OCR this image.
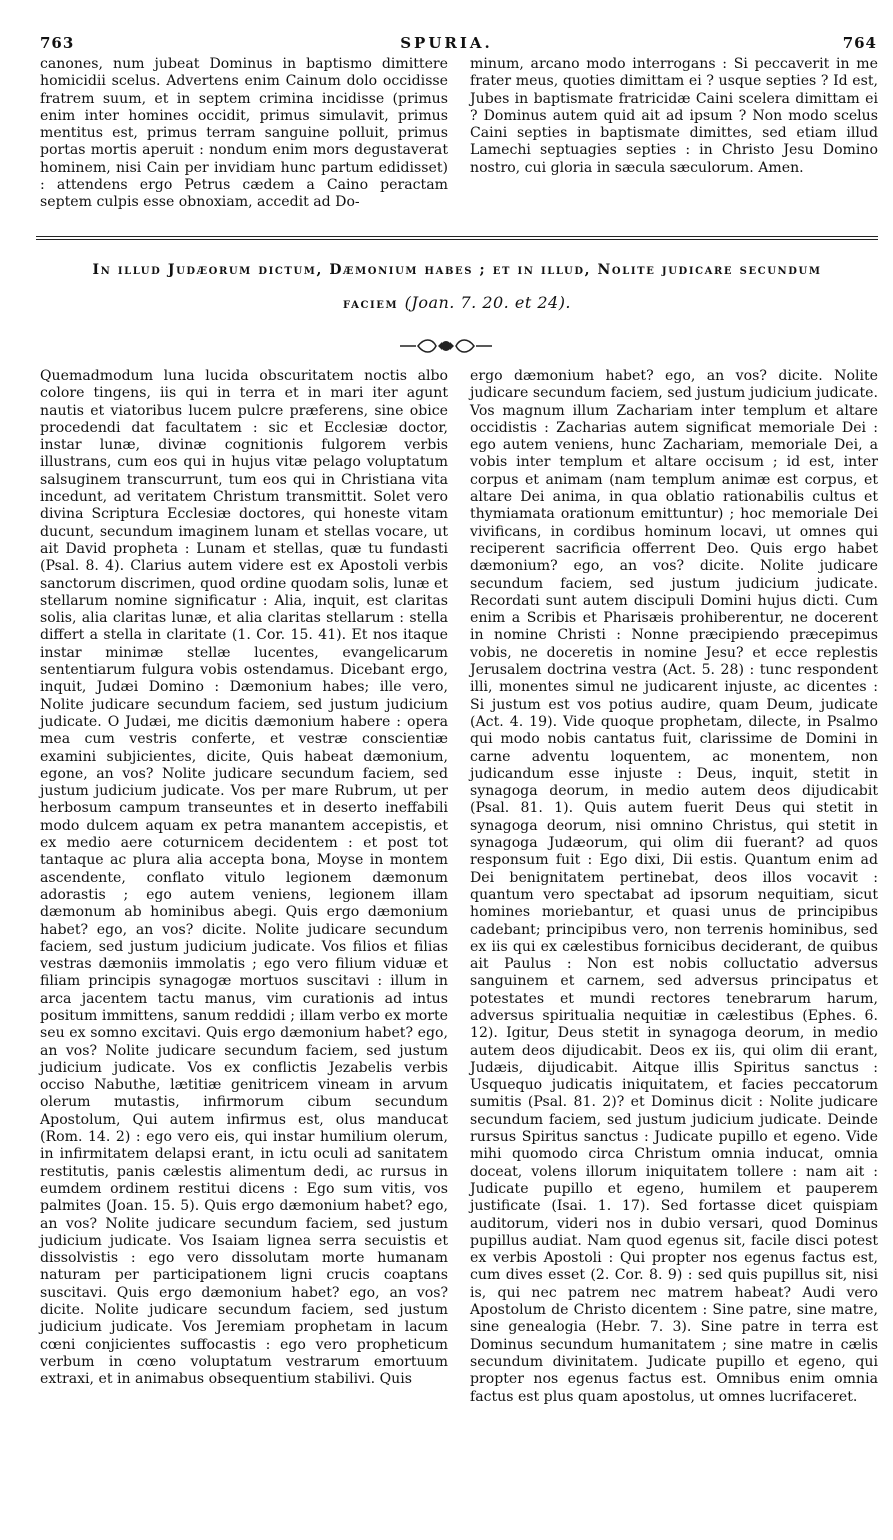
763	SPURIA.	764

canones, num jubeat Dominus in baptismo dimittere homicidii scelus. Advertens enim Cainum dolo occidisse fratrem suum, et in septem crimina incidisse (primus enim inter homines occidit, primus simulavit, primus mentitus est, primus terram sanguine polluit, primus portas mortis aperuit : nondum enim mors degustaverat hominem, nisi Cain per invidiam hunc partum edidisset) : attendens ergo Petrus cædem a Caino peractam septem culpis esse obnoxiam, accedit ad Do-

minum, arcano modo interrogans : Si peccaverit in me frater meus, quoties dimittam ei ? usque septies ? Id est, Jubes in baptismate fratricidæ Caini scelera dimittam ei ? Dominus autem quid ait ad ipsum ? Non modo scelus Caini septies in baptismate dimittes, sed etiam illud Lamechi septuagies septies : in Christo Jesu Domino nostro, cui gloria in sæcula sæculorum. Amen.

In illud Judæorum dictum, Dæmonium habes ; et in illud, Nolite judicare secundum
faciem (Joan. 7. 20. et 24).

Quemadmodum luna lucida obscuritatem noctis albo colore tingens, iis qui in terra et in mari iter agunt nautis et viatoribus lucem pulcre præferens, sine obice procedendi dat facultatem : sic et Ecclesiæ doctor, instar lunæ, divinæ cognitionis fulgorem verbis illustrans, cum eos qui in hujus vitæ pelago voluptatum salsuginem transcurrunt, tum eos qui in Christiana vita incedunt, ad veritatem Christum transmittit. Solet vero divina Scriptura Ecclesiæ doctores, qui honeste vitam ducunt, secundum imaginem lunam et stellas vocare, ut ait David propheta : Lunam et stellas, quæ tu fundasti (Psal. 8. 4). Clarius autem videre est ex Apostoli verbis sanctorum discrimen, quod ordine quodam solis, lunæ et stellarum nomine significatur : Alia, inquit, est claritas solis, alia claritas lunæ, et alia claritas stellarum : stella differt a stella in claritate (1. Cor. 15. 41). Et nos itaque instar minimæ stellæ lucentes, evangelicarum sententiarum fulgura vobis ostendamus. Dicebant ergo, inquit, Judæi Domino : Dæmonium habes; ille vero, Nolite judicare secundum faciem, sed justum judicium judicate. O Judæi, me dicitis dæmonium habere : opera mea cum vestris conferte, et vestræ conscientiæ examini subjicientes, dicite, Quis habeat dæmonium, egone, an vos? Nolite judicare secundum faciem, sed justum judicium judicate. Vos per mare Rubrum, ut per herbosum campum transeuntes et in deserto ineffabili modo dulcem aquam ex petra manantem accepistis, et ex medio aere coturnicem decidentem : et post tot tantaque ac plura alia accepta bona, Moyse in montem ascendente, conflato vitulo legionem dæmonum adorastis ; ego autem veniens, legionem illam dæmonum ab hominibus abegi. Quis ergo dæmonium habet? ego, an vos? dicite. Nolite judicare secundum faciem, sed justum judicium judicate. Vos filios et filias vestras dæmoniis immolatis ; ego vero filium viduæ et filiam principis synagogæ mortuos suscitavi : illum in arca jacentem tactu manus, vim curationis ad intus positum immittens, sanum reddidi ; illam verbo ex morte seu ex somno excitavi. Quis ergo dæmonium habet? ego, an vos? Nolite judicare secundum faciem, sed justum judicium judicate. Vos ex conflictis Jezabelis verbis occiso Nabuthe, lætitiæ genitricem vineam in arvum olerum mutastis, infirmorum cibum secundum Apostolum, Qui autem infirmus est, olus manducat (Rom. 14. 2) : ego vero eis, qui instar humilium olerum, in infirmitatem delapsi erant, in ictu oculi ad sanitatem restitutis, panis cælestis alimentum dedi, ac rursus in eumdem ordinem restitui dicens : Ego sum vitis, vos palmites (Joan. 15. 5). Quis ergo dæmonium habet? ego, an vos? Nolite judicare secundum faciem, sed justum judicium judicate. Vos Isaiam lignea serra secuistis et dissolvistis : ego vero dissolutam morte humanam naturam per participationem ligni crucis coaptans suscitavi. Quis ergo dæmonium habet? ego, an vos? dicite. Nolite judicare secundum faciem, sed justum judicium judicate. Vos Jeremiam prophetam in lacum cœni conjicientes suffocastis : ego vero propheticum verbum in cœno voluptatum vestrarum emortuum extraxi, et in animabus obsequentium stabilivi. Quis

ergo dæmonium habet? ego, an vos? dicite. Nolite judicare secundum faciem, sed justum judicium judicate. Vos magnum illum Zachariam inter templum et altare occidistis : Zacharias autem significat memoriale Dei : ego autem veniens, hunc Zachariam, memoriale Dei, a vobis inter templum et altare occisum ; id est, inter corpus et animam (nam templum animæ est corpus, et altare Dei anima, in qua oblatio rationabilis cultus et thymiamata orationum emittuntur) ; hoc memoriale Dei vivificans, in cordibus hominum locavi, ut omnes qui reciperent sacrificia offerrent Deo. Quis ergo habet dæmonium? ego, an vos? dicite. Nolite judicare secundum faciem, sed justum judicium judicate. Recordati sunt autem discipuli Domini hujus dicti. Cum enim a Scribis et Pharisæis prohiberentur, ne docerent in nomine Christi : Nonne præcipiendo præcepimus vobis, ne doceretis in nomine Jesu? et ecce replestis Jerusalem doctrina vestra (Act. 5. 28) : tunc respondent illi, monentes simul ne judicarent injuste, ac dicentes : Si justum est vos potius audire, quam Deum, judicate (Act. 4. 19). Vide quoque prophetam, dilecte, in Psalmo qui modo nobis cantatus fuit, clarissime de Domini in carne adventu loquentem, ac monentem, non judicandum esse injuste : Deus, inquit, stetit in synagoga deorum, in medio autem deos dijudicabit (Psal. 81. 1). Quis autem fuerit Deus qui stetit in synagoga deorum, nisi omnino Christus, qui stetit in synagoga Judæorum, qui olim dii fuerant? ad quos responsum fuit : Ego dixi, Dii estis. Quantum enim ad Dei benignitatem pertinebat, deos illos vocavit : quantum vero spectabat ad ipsorum nequitiam, sicut homines moriebantur, et quasi unus de principibus cadebant; principibus vero, non terrenis hominibus, sed ex iis qui ex cælestibus fornicibus deciderant, de quibus ait Paulus : Non est nobis colluctatio adversus sanguinem et carnem, sed adversus principatus et potestates et mundi rectores tenebrarum harum, adversus spiritualia nequitiæ in cælestibus (Ephes. 6. 12). Igitur, Deus stetit in synagoga deorum, in medio autem deos dijudicabit. Deos ex iis, qui olim dii erant, Judæis, dijudicabit. Aitque illis Spiritus sanctus : Usquequo judicatis iniquitatem, et facies peccatorum sumitis (Psal. 81. 2)? et Dominus dicit : Nolite judicare secundum faciem, sed justum judicium judicate. Deinde rursus Spiritus sanctus : Judicate pupillo et egeno. Vide mihi quomodo circa Christum omnia inducat, omnia doceat, volens illorum iniquitatem tollere : nam ait : Judicate pupillo et egeno, humilem et pauperem justificate (Isai. 1. 17). Sed fortasse dicet quispiam auditorum, videri nos in dubio versari, quod Dominus pupillus audiat. Nam quod egenus sit, facile disci potest ex verbis Apostoli : Qui propter nos egenus factus est, cum dives esset (2. Cor. 8. 9) : sed quis pupillus sit, nisi is, qui nec patrem nec matrem habeat? Audi vero Apostolum de Christo dicentem : Sine patre, sine matre, sine genealogia (Hebr. 7. 3). Sine patre in terra est Dominus secundum humanitatem ; sine matre in cælis secundum divinitatem. Judicate pupillo et egeno, qui propter nos egenus factus est. Omnibus enim omnia factus est plus quam apostolus, ut omnes lucrifaceret.
